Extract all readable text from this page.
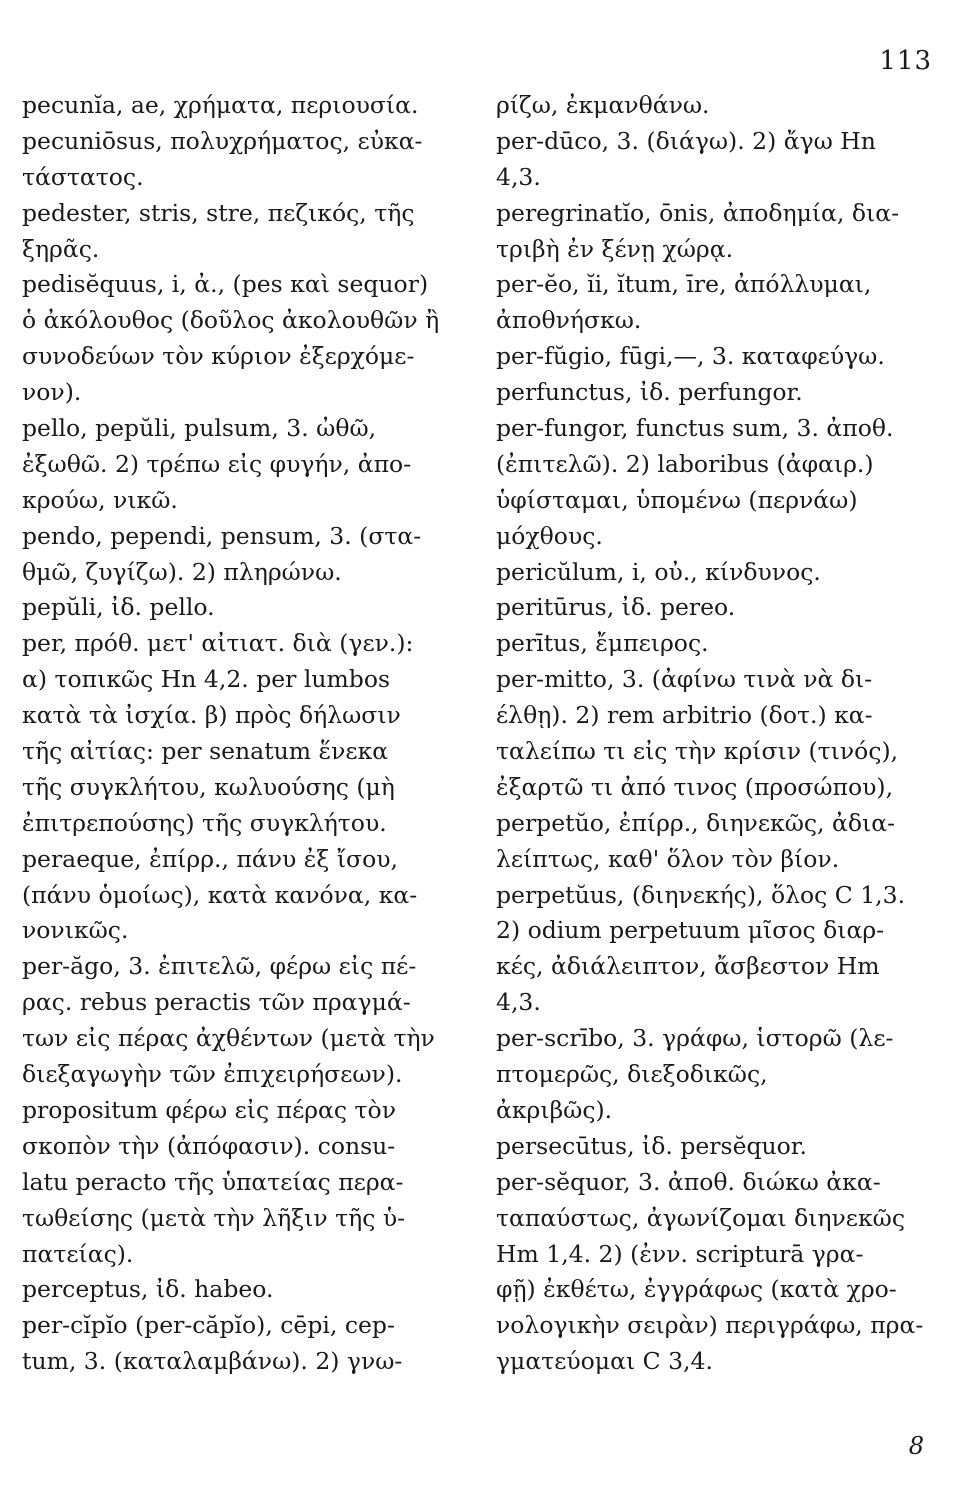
113
pecunĭa, ae, χρήματα, περιουσία.
pecuniōsus, πολυχρήματος, εὐκα-
τάστατος.
pedester, stris, stre, πεζικός, τῆς
ξηρᾶς.
pedisĕquus, i, ἀ., (pes καὶ sequor)
ὁ ἀκόλουθος (δοῦλος ἀκολουθῶν ἢ
συνοδεύων τὸν κύριον ἐξερχόμε-
νον).
pello, pepŭli, pulsum, 3. ὠθῶ,
ἐξωθῶ. 2) τρέπω εἰς φυγήν, ἀπο-
κρούω, νικῶ.
pendo, pependi, pensum, 3. (στα-
θμῶ, ζυγίζω). 2) πληρώνω.
pepŭli, ἰδ. pello.
per, πρόθ. μετ' αἰτιατ. διὰ (γεν.):
α) τοπικῶς Hn 4,2. per lumbos
κατὰ τὰ ἰσχία. β) πρὸς δήλωσιν
τῆς αἰτίας: per senatum ἕνεκα
τῆς συγκλήτου, κωλυούσης (μὴ
ἐπιτρεπούσης) τῆς συγκλήτου.
peraeque, ἐπίρρ., πάνυ ἐξ ἴσου,
(πάνυ ὁμοίως), κατὰ κανόνα, κα-
νονικῶς.
per-ăgo, 3. ἐπιτελῶ, φέρω εἰς πέ-
ρας. rebus peractis τῶν πραγμά-
των εἰς πέρας ἀχθέντων (μετὰ τὴν
διεξαγωγὴν τῶν ἐπιχειρήσεων).
propositum φέρω εἰς πέρας τὸν
σκοπὸν τὴν (ἀπόφασιν). consu-
latu peracto τῆς ὑπατείας περα-
τωθείσης (μετὰ τὴν λῆξιν τῆς ὑ-
πατείας).
perceptus, ἰδ. habeo.
per-cĭpĭo (per-căpĭo), cēpi, cep-
tum, 3. (καταλαμβάνω). 2) γνω-
ρίζω, ἐκμανθάνω.
per-dūco, 3. (διάγω). 2) ἄγω Hn
4,3.
peregrinatĭo, ōnis, ἀποδημία, δια-
τριβὴ ἐν ξένῃ χώρᾳ.
per-ĕo, ĭi, ĭtum, īre, ἀπόλλυμαι,
ἀποθνήσκω.
per-fŭgio, fūgi,—, 3. καταφεύγω.
perfunctus, ἰδ. perfungor.
per-fungor, functus sum, 3. ἀποθ.
(ἐπιτελῶ). 2) laboribus (ἀφαιρ.)
ὑφίσταμαι, ὑπομένω (περνάω)
μόχθους.
pericŭlum, i, οὐ., κίνδυνος.
peritūrus, ἰδ. pereo.
perītus, ἔμπειρος.
per-mitto, 3. (ἀφίνω τινὰ νὰ δι-
έλθῃ). 2) rem arbitrio (δοτ.) κα-
ταλείπω τι εἰς τὴν κρίσιν (τινός),
ἐξαρτῶ τι ἀπό τινος (προσώπου),
perpetŭo, ἐπίρρ., διηνεκῶς, ἀδια-
λείπτως, καθ' ὅλον τὸν βίον.
perpetŭus, (διηνεκής), ὅλος C 1,3.
2) odium perpetuum μῖσος διαρ-
κές, ἀδιάλειπτον, ἄσβεστον Hm
4,3.
per-scrībo, 3. γράφω, ἱστορῶ (λε-
πτομερῶς, διεξοδικῶς,
ἀκριβῶς).
persecūtus, ἰδ. persĕquor.
per-sĕquor, 3. ἀποθ. διώκω ἀκα-
ταπαύστως, ἀγωνίζομαι διηνεκῶς
Hm 1,4. 2) (ἐνν. scripturā γρα-
φῇ) ἐκθέτω, ἐγγράφως (κατὰ χρο-
νολογικὴν σειρὰν) περιγράφω, πρα-
γματεύομαι C 3,4.
8
